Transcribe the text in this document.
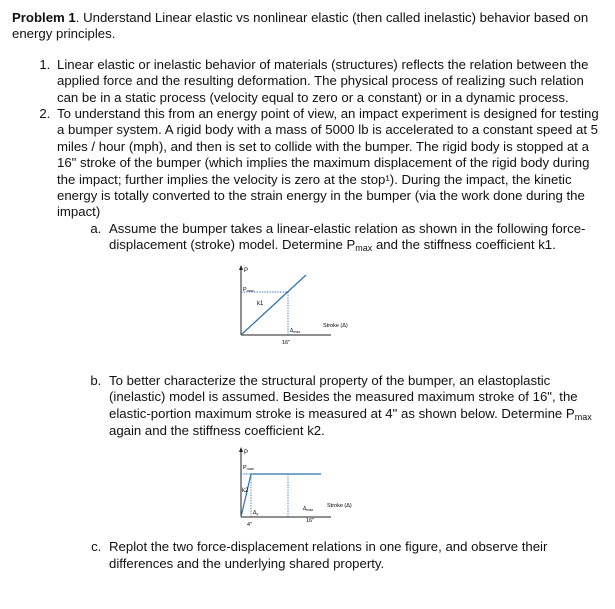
Problem 1. Understand Linear elastic vs nonlinear elastic (then called inelastic) behavior based on energy principles.

1. Linear elastic or inelastic behavior of materials (structures) reflects the relation between the applied force and the resulting deformation. The physical process of realizing such relation can be in a static process (velocity equal to zero or a constant) or in a dynamic process.
2. To understand this from an energy point of view, an impact experiment is designed for testing a bumper system. A rigid body with a mass of 5000 lb is accelerated to a constant speed at 5 miles / hour (mph), and then is set to collide with the bumper. The rigid body is stopped at a 16" stroke of the bumper (which implies the maximum displacement of the rigid body during the impact; further implies the velocity is zero at the stop¹). During the impact, the kinetic energy is totally converted to the strain energy in the bumper (via the work done during the impact)
a. Assume the bumper takes a linear-elastic relation as shown in the following force-displacement (stroke) model. Determine $P_{max}$ and the stiffness coefficient k1.
P
Pmax
k1
$\Delta_{max}$
Stroke (Δ)
16"
b. To better characterize the structural property of the bumper, an elastoplastic (inelastic) model is assumed. Besides the measured maximum stroke of 16", the elastic-portion maximum stroke is measured at 4" as shown below. Determine $P_{max}$ again and the stiffness coefficient k2.
P
Pmax
k2
$\Delta_y$
$\Delta_{max}$
Stroke (Δ)
4"
16"
c. Replot the two force-displacement relations in one figure, and observe their differences and the underlying shared property.
